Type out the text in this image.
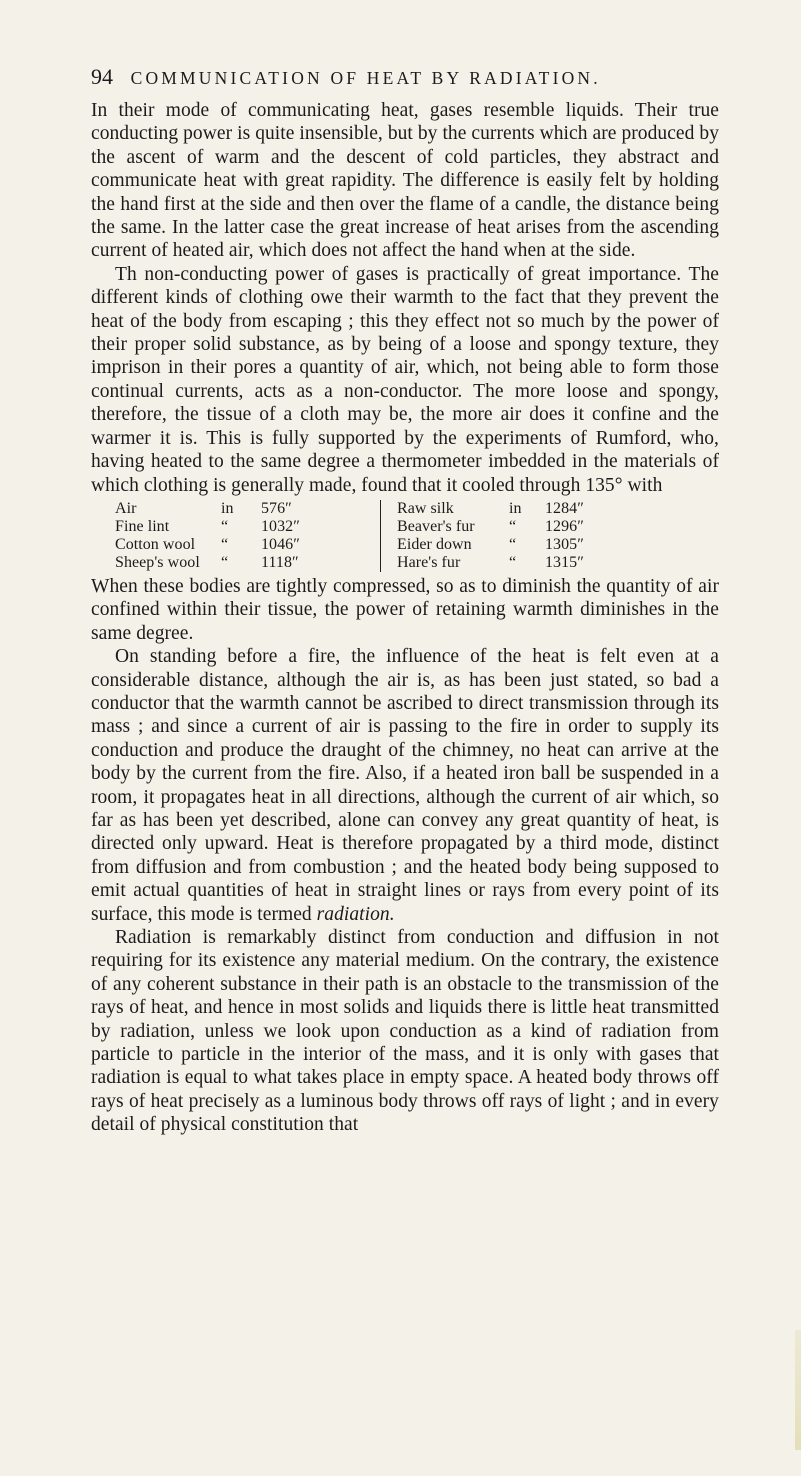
94 COMMUNICATION OF HEAT BY RADIATION.

In their mode of communicating heat, gases resemble liquids. Their true conducting power is quite insensible, but by the currents which are produced by the ascent of warm and the descent of cold particles, they abstract and communicate heat with great rapidity. The difference is easily felt by holding the hand first at the side and then over the flame of a candle, the distance being the same. In the latter case the great increase of heat arises from the ascending current of heated air, which does not affect the hand when at the side.

Th non-conducting power of gases is practically of great importance. The different kinds of clothing owe their warmth to the fact that they prevent the heat of the body from escaping ; this they effect not so much by the power of their proper solid substance, as by being of a loose and spongy texture, they imprison in their pores a quantity of air, which, not being able to form those continual currents, acts as a non-conductor. The more loose and spongy, therefore, the tissue of a cloth may be, the more air does it confine and the warmer it is. This is fully supported by the experiments of Rumford, who, having heated to the same degree a thermometer imbedded in the materials of which clothing is generally made, found that it cooled through 135° with

Air	in	576″
Fine lint	“	1032″
Cotton wool	“	1046″
Sheep's wool	“	1118″
Raw silk	in	1284″
Beaver's fur	“	1296″
Eider down	“	1305″
Hare's fur	“	1315″

When these bodies are tightly compressed, so as to diminish the quantity of air confined within their tissue, the power of retaining warmth diminishes in the same degree.

On standing before a fire, the influence of the heat is felt even at a considerable distance, although the air is, as has been just stated, so bad a conductor that the warmth cannot be ascribed to direct transmission through its mass ; and since a current of air is passing to the fire in order to supply its conduction and produce the draught of the chimney, no heat can arrive at the body by the current from the fire. Also, if a heated iron ball be suspended in a room, it propagates heat in all directions, although the current of air which, so far as has been yet described, alone can convey any great quantity of heat, is directed only upward. Heat is therefore propagated by a third mode, distinct from diffusion and from combustion ; and the heated body being supposed to emit actual quantities of heat in straight lines or rays from every point of its surface, this mode is termed radiation.

Radiation is remarkably distinct from conduction and diffusion in not requiring for its existence any material medium. On the contrary, the existence of any coherent substance in their path is an obstacle to the transmission of the rays of heat, and hence in most solids and liquids there is little heat transmitted by radiation, unless we look upon conduction as a kind of radiation from particle to particle in the interior of the mass, and it is only with gases that radiation is equal to what takes place in empty space. A heated body throws off rays of heat precisely as a luminous body throws off rays of light ; and in every detail of physical constitution that
